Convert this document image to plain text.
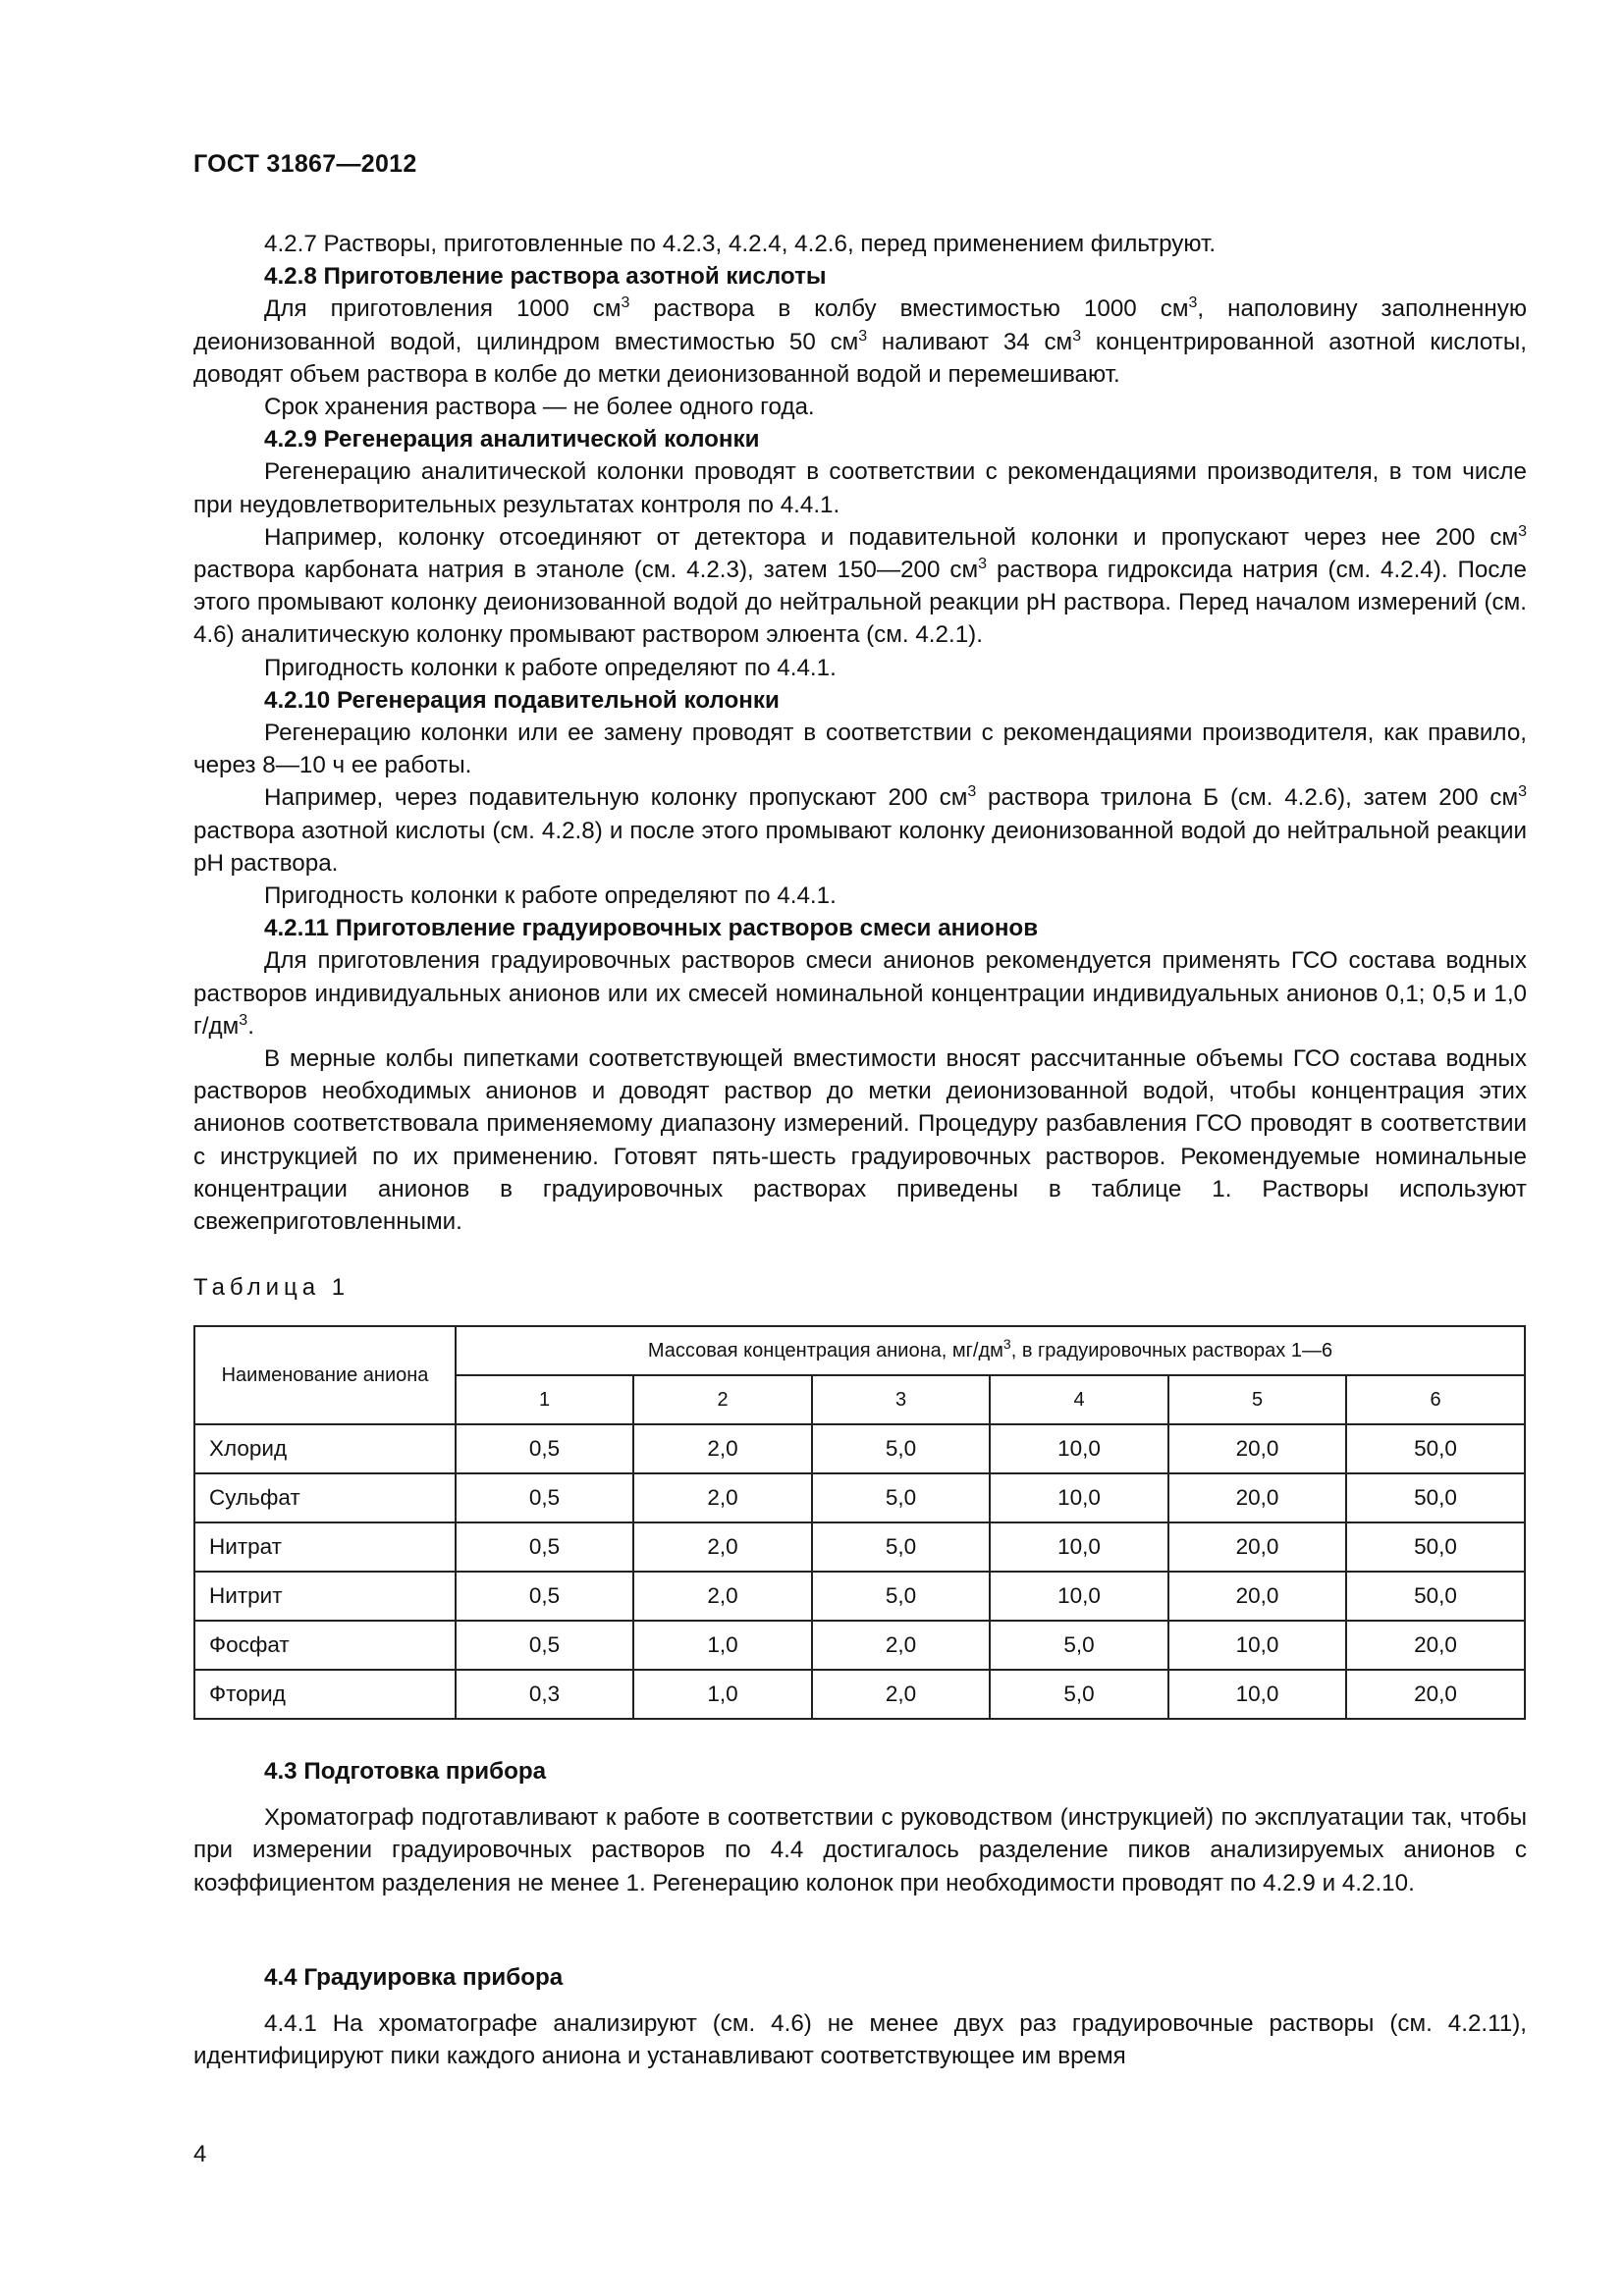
ГОСТ 31867—2012

4.2.7 Растворы, приготовленные по 4.2.3, 4.2.4, 4.2.6, перед применением фильтруют.

4.2.8 Приготовление раствора азотной кислоты

Для приготовления 1000 $см^3$ раствора в колбу вместимостью 1000 $см^3$, наполовину заполненную деионизованной водой, цилиндром вместимостью 50 $см^3$ наливают 34 $см^3$ концентрированной азотной кислоты, доводят объем раствора в колбе до метки деионизованной водой и перемешивают.

Срок хранения раствора — не более одного года.

4.2.9 Регенерация аналитической колонки

Регенерацию аналитической колонки проводят в соответствии с рекомендациями производителя, в том числе при неудовлетворительных результатах контроля по 4.4.1.

Например, колонку отсоединяют от детектора и подавительной колонки и пропускают через нее 200 $см^3$ раствора карбоната натрия в этаноле (см. 4.2.3), затем 150—200 $см^3$ раствора гидроксида натрия (см. 4.2.4). После этого промывают колонку деионизованной водой до нейтральной реакции рН раствора. Перед началом измерений (см. 4.6) аналитическую колонку промывают раствором элюента (см. 4.2.1).

Пригодность колонки к работе определяют по 4.4.1.

4.2.10 Регенерация подавительной колонки

Регенерацию колонки или ее замену проводят в соответствии с рекомендациями производителя, как правило, через 8—10 ч ее работы.

Например, через подавительную колонку пропускают 200 $см^3$ раствора трилона Б (см. 4.2.6), затем 200 $см^3$ раствора азотной кислоты (см. 4.2.8) и после этого промывают колонку деионизованной водой до нейтральной реакции рН раствора.

Пригодность колонки к работе определяют по 4.4.1.

4.2.11 Приготовление градуировочных растворов смеси анионов

Для приготовления градуировочных растворов смеси анионов рекомендуется применять ГСО состава водных растворов индивидуальных анионов или их смесей номинальной концентрации индивидуальных анионов 0,1; 0,5 и 1,0 $г/дм^3$.

В мерные колбы пипетками соответствующей вместимости вносят рассчитанные объемы ГСО состава водных растворов необходимых анионов и доводят раствор до метки деионизованной водой, чтобы концентрация этих анионов соответствовала применяемому диапазону измерений. Процедуру разбавления ГСО проводят в соответствии с инструкцией по их применению. Готовят пять-шесть градуировочных растворов. Рекомендуемые номинальные концентрации анионов в градуировочных растворах приведены в таблице 1. Растворы используют свежеприготовленными.

Таблица 1
Наименование аниона	Массовая концентрация аниона, $мг/дм^3$, в градуировочных растворах 1—6					
	1	2	3	4	5	6
Хлорид	0,5	2,0	5,0	10,0	20,0	50,0
Сульфат	0,5	2,0	5,0	10,0	20,0	50,0
Нитрат	0,5	2,0	5,0	10,0	20,0	50,0
Нитрит	0,5	2,0	5,0	10,0	20,0	50,0
Фосфат	0,5	1,0	2,0	5,0	10,0	20,0
Фторид	0,3	1,0	2,0	5,0	10,0	20,0

4.3 Подготовка прибора

Хроматограф подготавливают к работе в соответствии с руководством (инструкцией) по эксплуатации так, чтобы при измерении градуировочных растворов по 4.4 достигалось разделение пиков анализируемых анионов с коэффициентом разделения не менее 1. Регенерацию колонок при необходимости проводят по 4.2.9 и 4.2.10.

4.4 Градуировка прибора

4.4.1 На хроматографе анализируют (см. 4.6) не менее двух раз градуировочные растворы (см. 4.2.11), идентифицируют пики каждого аниона и устанавливают соответствующее им время

4
